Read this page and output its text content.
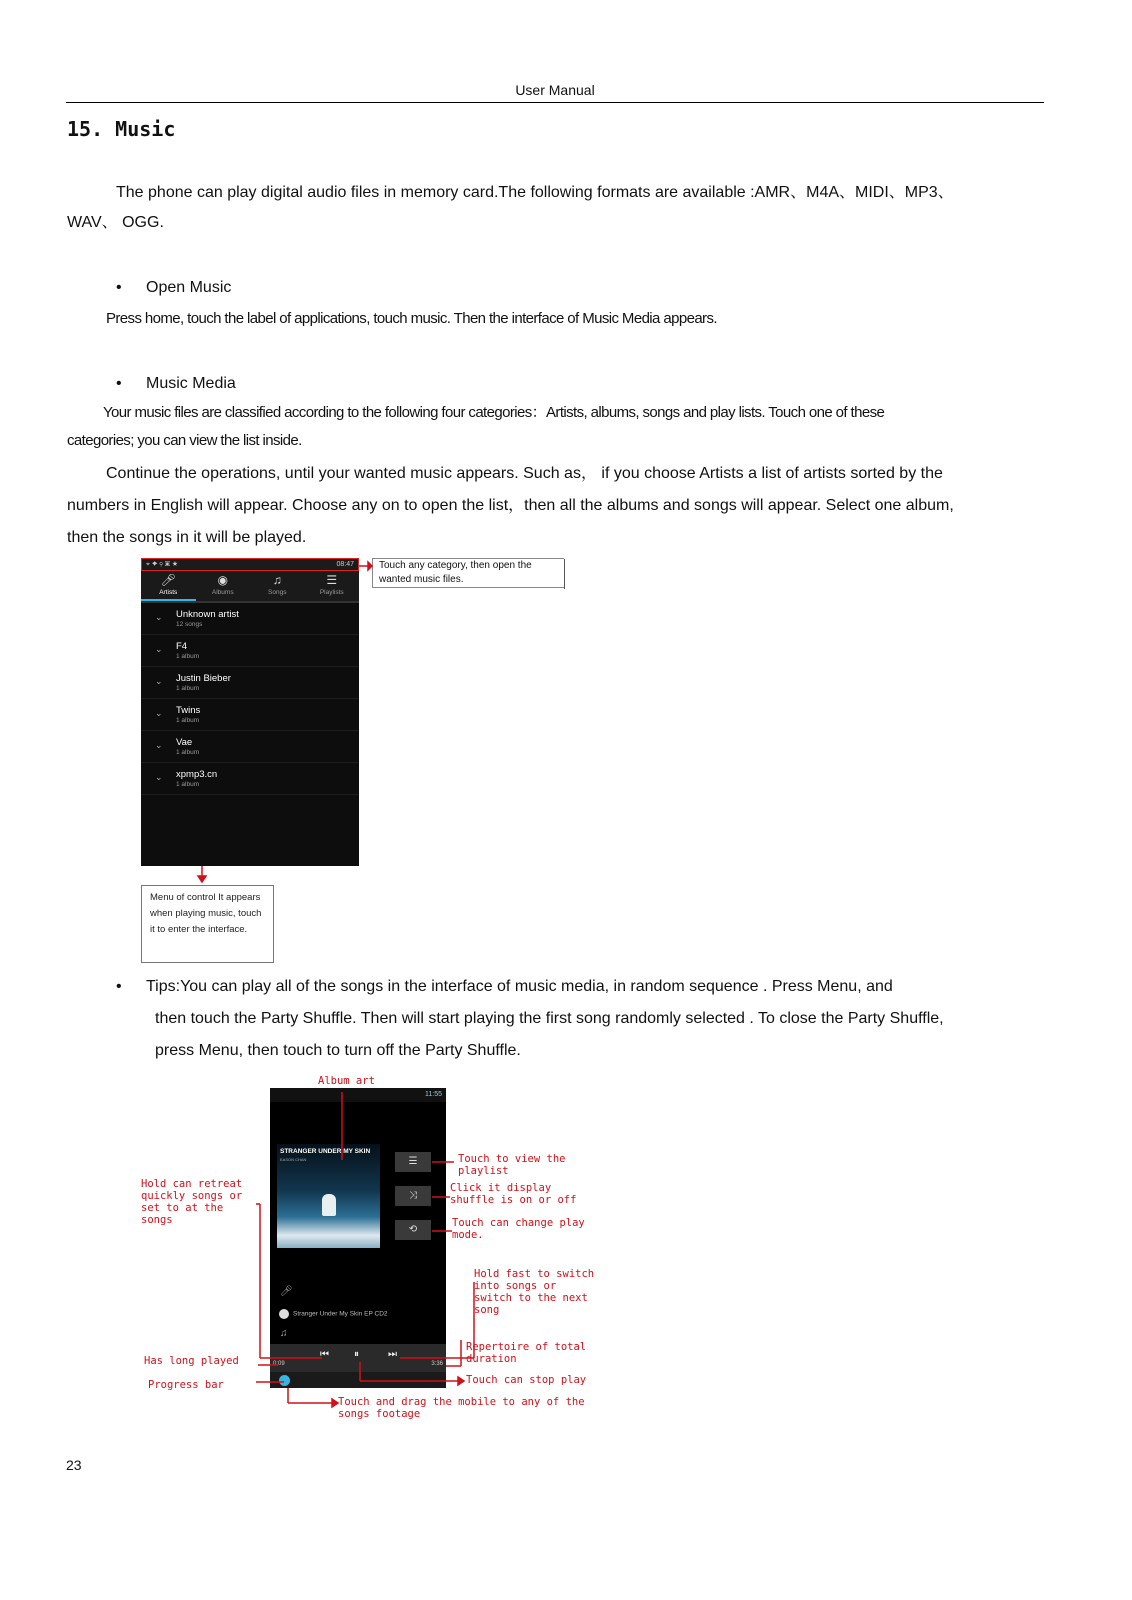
User Manual
15. Music
The phone can play digital audio files in memory card.The following formats are available :AMR、M4A、MIDI、MP3、
WAV、 OGG.
• Open Music
Press home, touch the label of applications, touch music. Then the interface of Music Media appears.
• Music Media
Your music files are classified according to the following four categories：Artists, albums, songs and play lists. Touch one of these
categories; you can view the list inside.
Continue the operations, until your wanted music appears. Such as， if you choose Artists a list of artists sorted by the
numbers in English will appear. Choose any on to open the list，then all the albums and songs will appear. Select one album,
then the songs in it will be played.
⌖ ✦ ⚲ ▣ ★	08:47
🎤︎
Artists
◉
Albums
♫
Songs
☰
Playlists
⌄ Unknown artist
12 songs
⌄ F4
1 album
⌄ Justin Bieber
1 album
⌄ Twins
1 album
⌄ Vae
1 album
⌄ xpmp3.cn
1 album
Touch any category, then open the wanted music files.
Menu of control It appears when playing music, touch it to enter the interface.
• Tips:You can play all of the songs in the interface of music media, in random sequence . Press Menu, and
then touch the Party Shuffle. Then will start playing the first song randomly selected . To close the Party Shuffle,
press Menu, then touch to turn off the Party Shuffle.
11:55
STRANGER UNDER MY SKIN
EASON CHAN	☰
⤨
⟲
🎤︎
Stranger Under My Skin EP CD2
♫
⏮︎	⏸︎	⏭︎
0:09	3:36
Album art
Touch to view the
playlist
Click it display
shuffle is on or off
Touch can change play
mode.
Hold can retreat
quickly songs or
set to at the
songs
Hold fast to switch
into songs or
switch to the next
song
Repertoire of total
duration
Has long played
Progress bar	Touch can stop play
Touch and drag the mobile to any of the
songs footage
23
